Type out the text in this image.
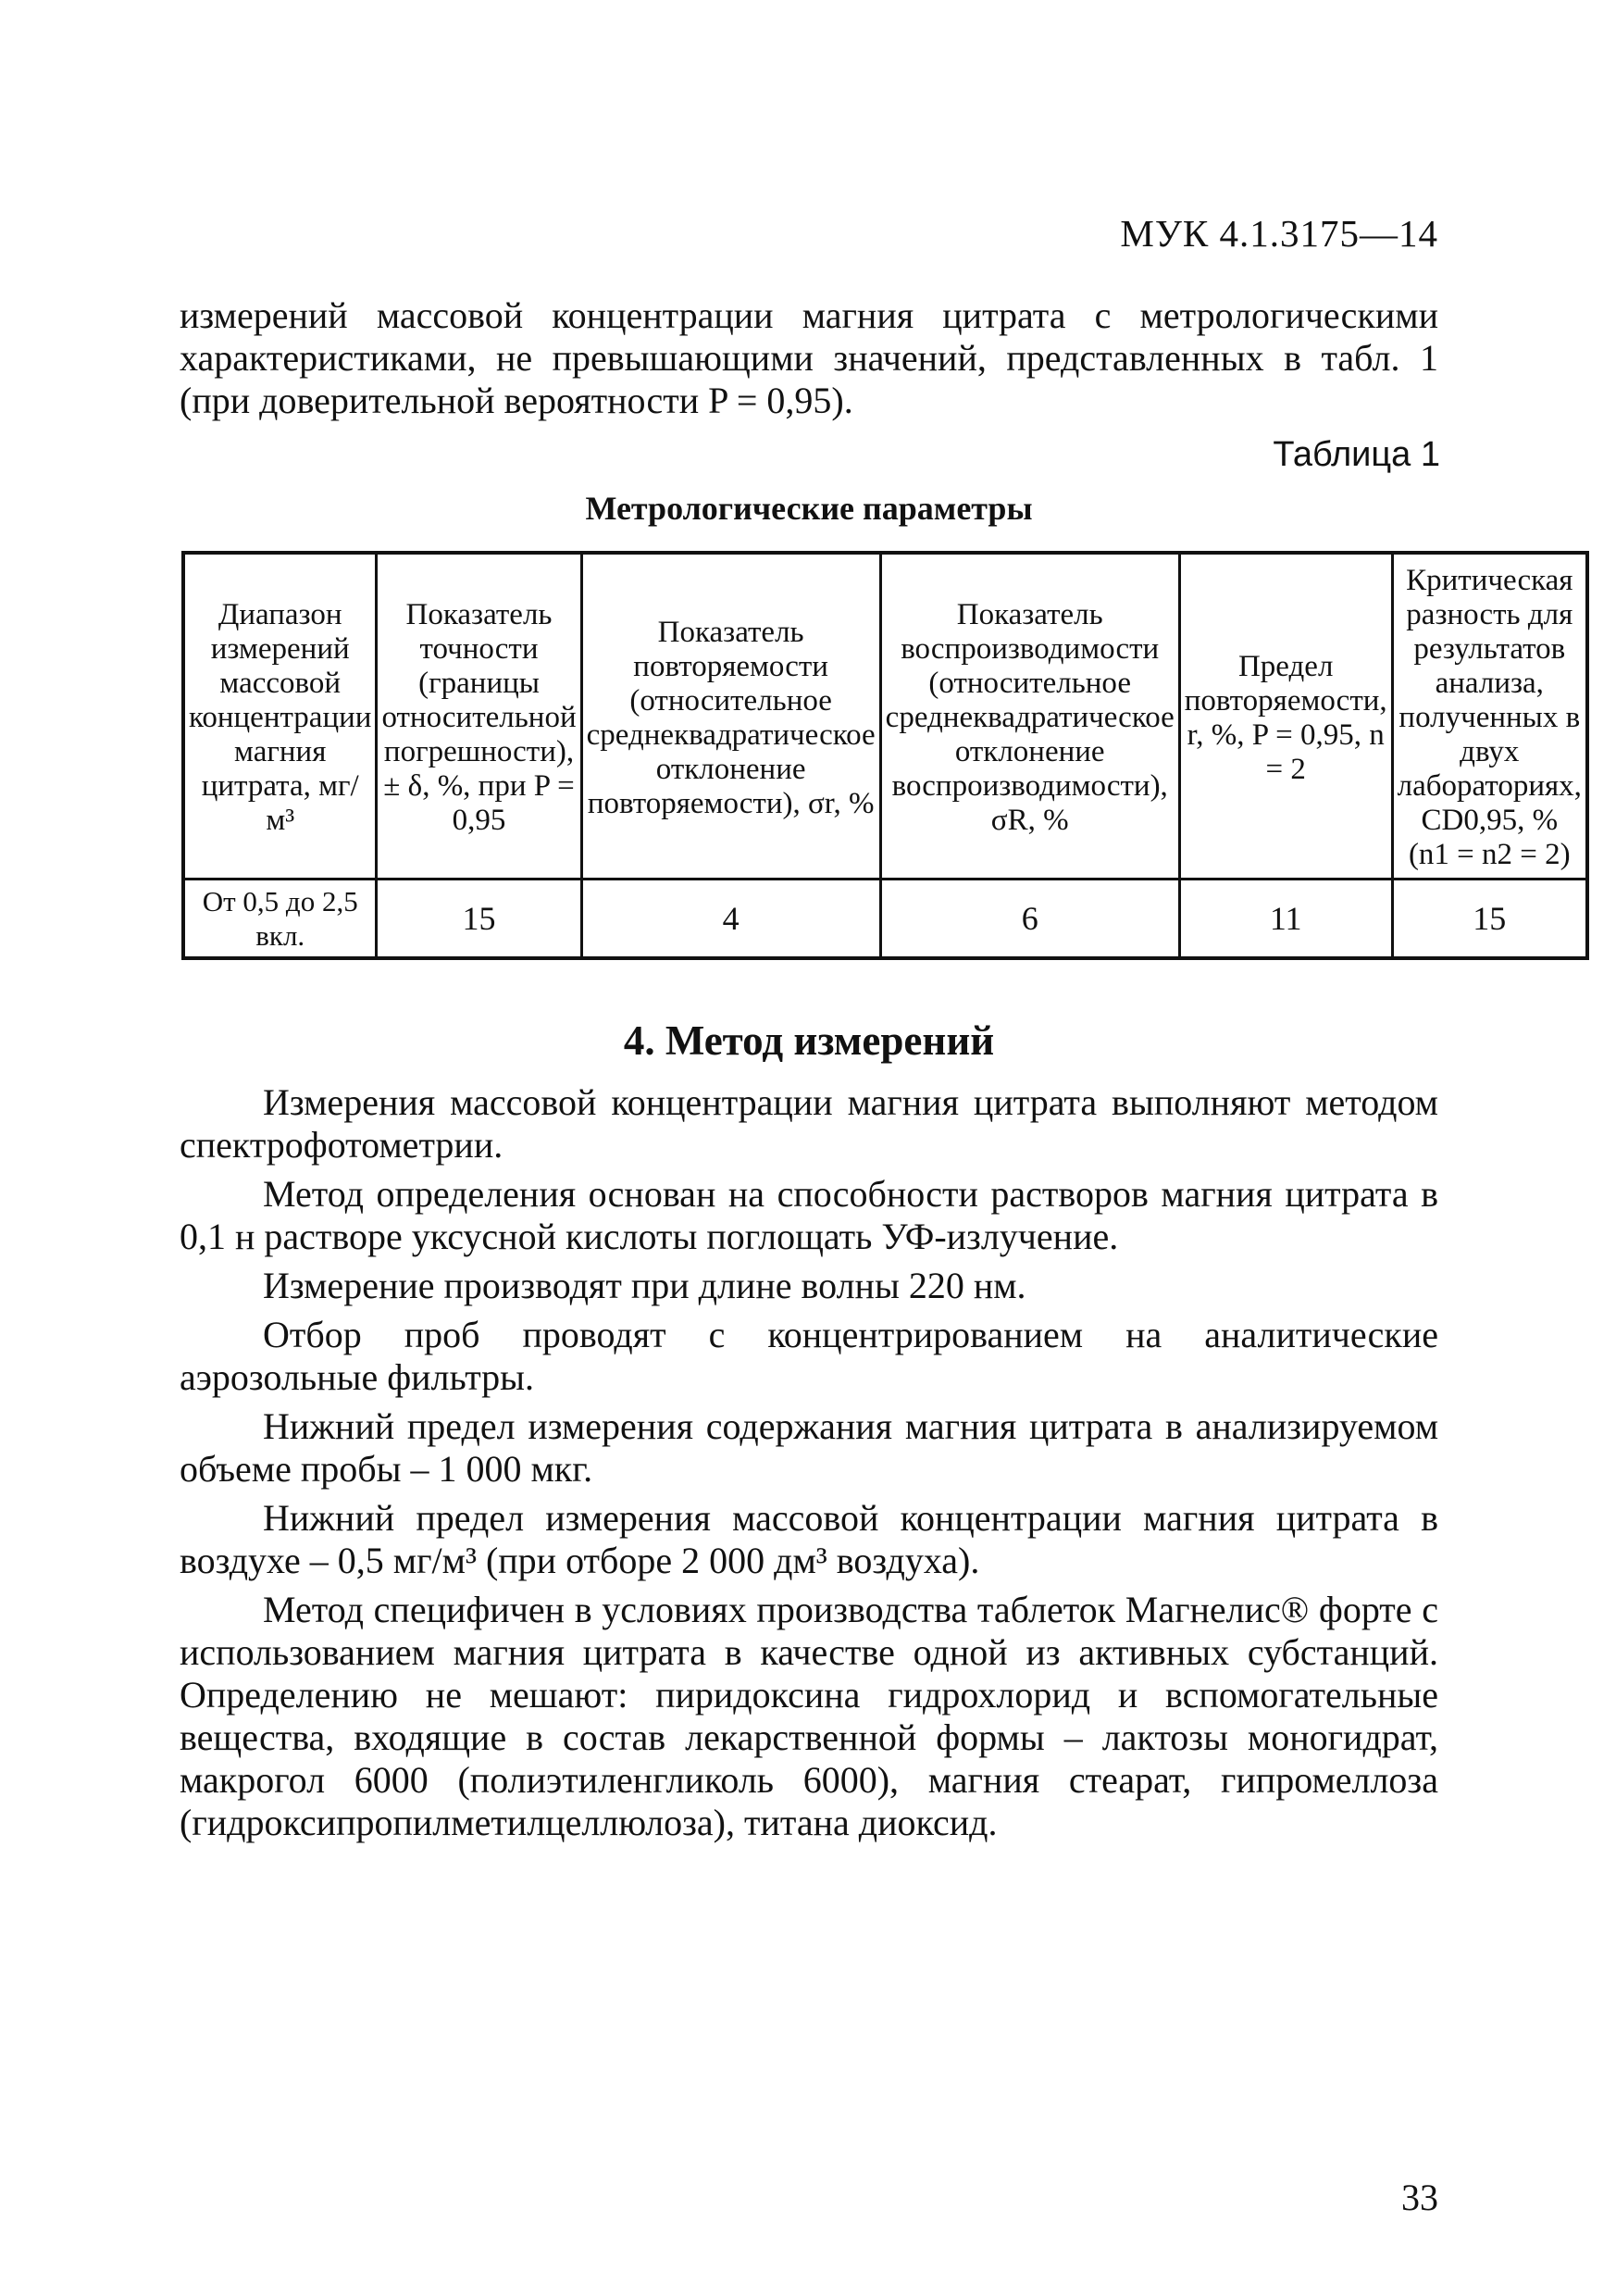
МУК 4.1.3175—14
измерений массовой концентрации магния цитрата с метрологическими характеристиками, не превышающими значений, представленных в табл. 1 (при доверительной вероятности P = 0,95).
Таблица 1
Метрологические параметры
Диапазон измерений массовой концентрации магния цитрата, мг/м³	Показатель точности (границы относительной погрешности), ± δ, %, при P = 0,95	Показатель повторяемости (относительное среднеквадратическое отклонение повторяемости), σr, %	Показатель воспроизводимости (относительное среднеквадратическое отклонение воспроизводимости), σR, %	Предел повторяемости, r, %, P = 0,95, n = 2	Критическая разность для результатов анализа, полученных в двух лабораториях, CD0,95, % (n1 = n2 = 2)
От 0,5 до 2,5 вкл.	15	4	6	11	15
4. Метод измерений

Измерения массовой концентрации магния цитрата выполняют методом спектрофотометрии.

Метод определения основан на способности растворов магния цитрата в 0,1 н растворе уксусной кислоты поглощать УФ-излучение.

Измерение производят при длине волны 220 нм.

Отбор проб проводят с концентрированием на аналитические аэрозольные фильтры.

Нижний предел измерения содержания магния цитрата в анализируемом объеме пробы – 1 000 мкг.

Нижний предел измерения массовой концентрации магния цитрата в воздухе – 0,5 мг/м³ (при отборе 2 000 дм³ воздуха).

Метод специфичен в условиях производства таблеток Магнелис® форте с использованием магния цитрата в качестве одной из активных субстанций. Определению не мешают: пиридоксина гидрохлорид и вспомогательные вещества, входящие в состав лекарственной формы – лактозы моногидрат, макрогол 6000 (полиэтиленгликоль 6000), магния стеарат, гипромеллоза (гидроксипропилметилцеллюлоза), титана диоксид.

33
